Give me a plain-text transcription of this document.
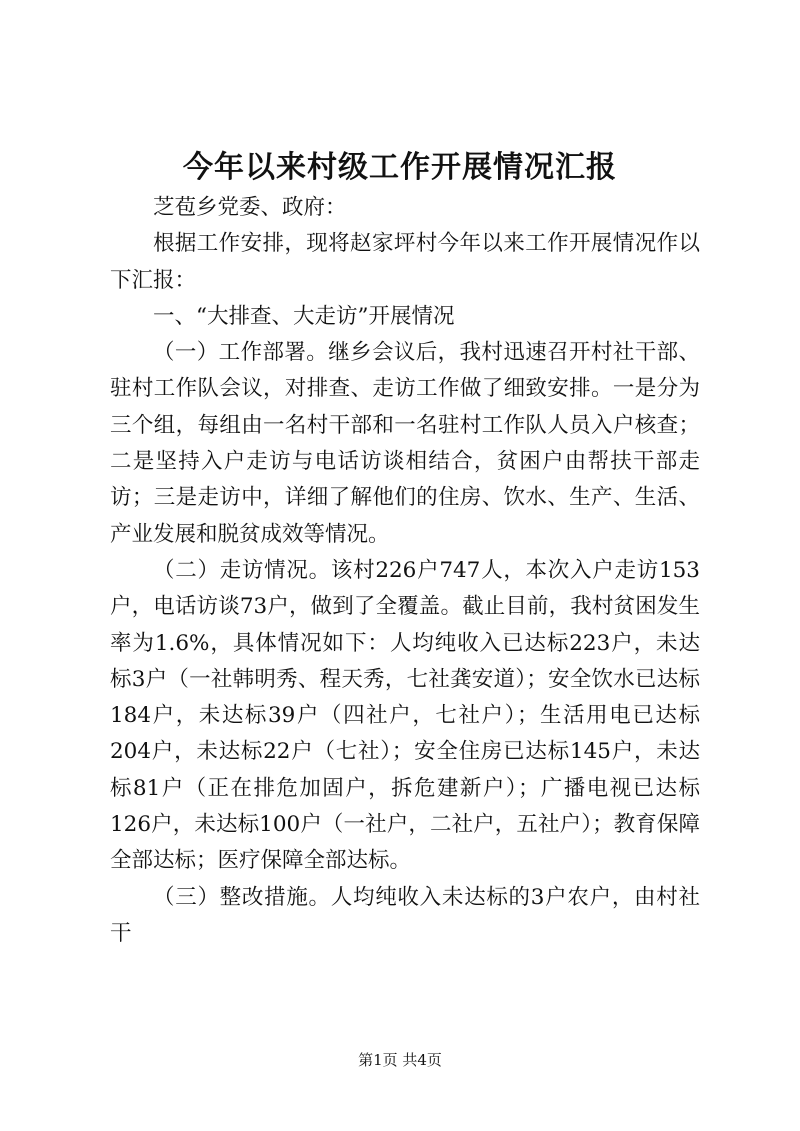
今年以来村级工作开展情况汇报

芝苞乡党委、政府：

根据工作安排，现将赵家坪村今年以来工作开展情况作以下汇报：

一、“大排查、大走访”开展情况

（一）工作部署。继乡会议后，我村迅速召开村社干部、驻村工作队会议，对排查、走访工作做了细致安排。一是分为三个组，每组由一名村干部和一名驻村工作队人员入户核查；二是坚持入户走访与电话访谈相结合，贫困户由帮扶干部走访；三是走访中，详细了解他们的住房、饮水、生产、生活、产业发展和脱贫成效等情况。

（二）走访情况。该村226户747人，本次入户走访153户，电话访谈73户，做到了全覆盖。截止目前，我村贫困发生率为1.6%，具体情况如下：人均纯收入已达标223户，未达标3户（一社韩明秀、程天秀，七社龚安道）；安全饮水已达标184户，未达标39户（四社户，七社户）；生活用电已达标204户，未达标22户（七社）；安全住房已达标145户，未达标81户（正在排危加固户，拆危建新户）；广播电视已达标126户，未达标100户（一社户，二社户，五社户）；教育保障全部达标；医疗保障全部达标。

（三）整改措施。人均纯收入未达标的3户农户，由村社干

第1页 共4页
